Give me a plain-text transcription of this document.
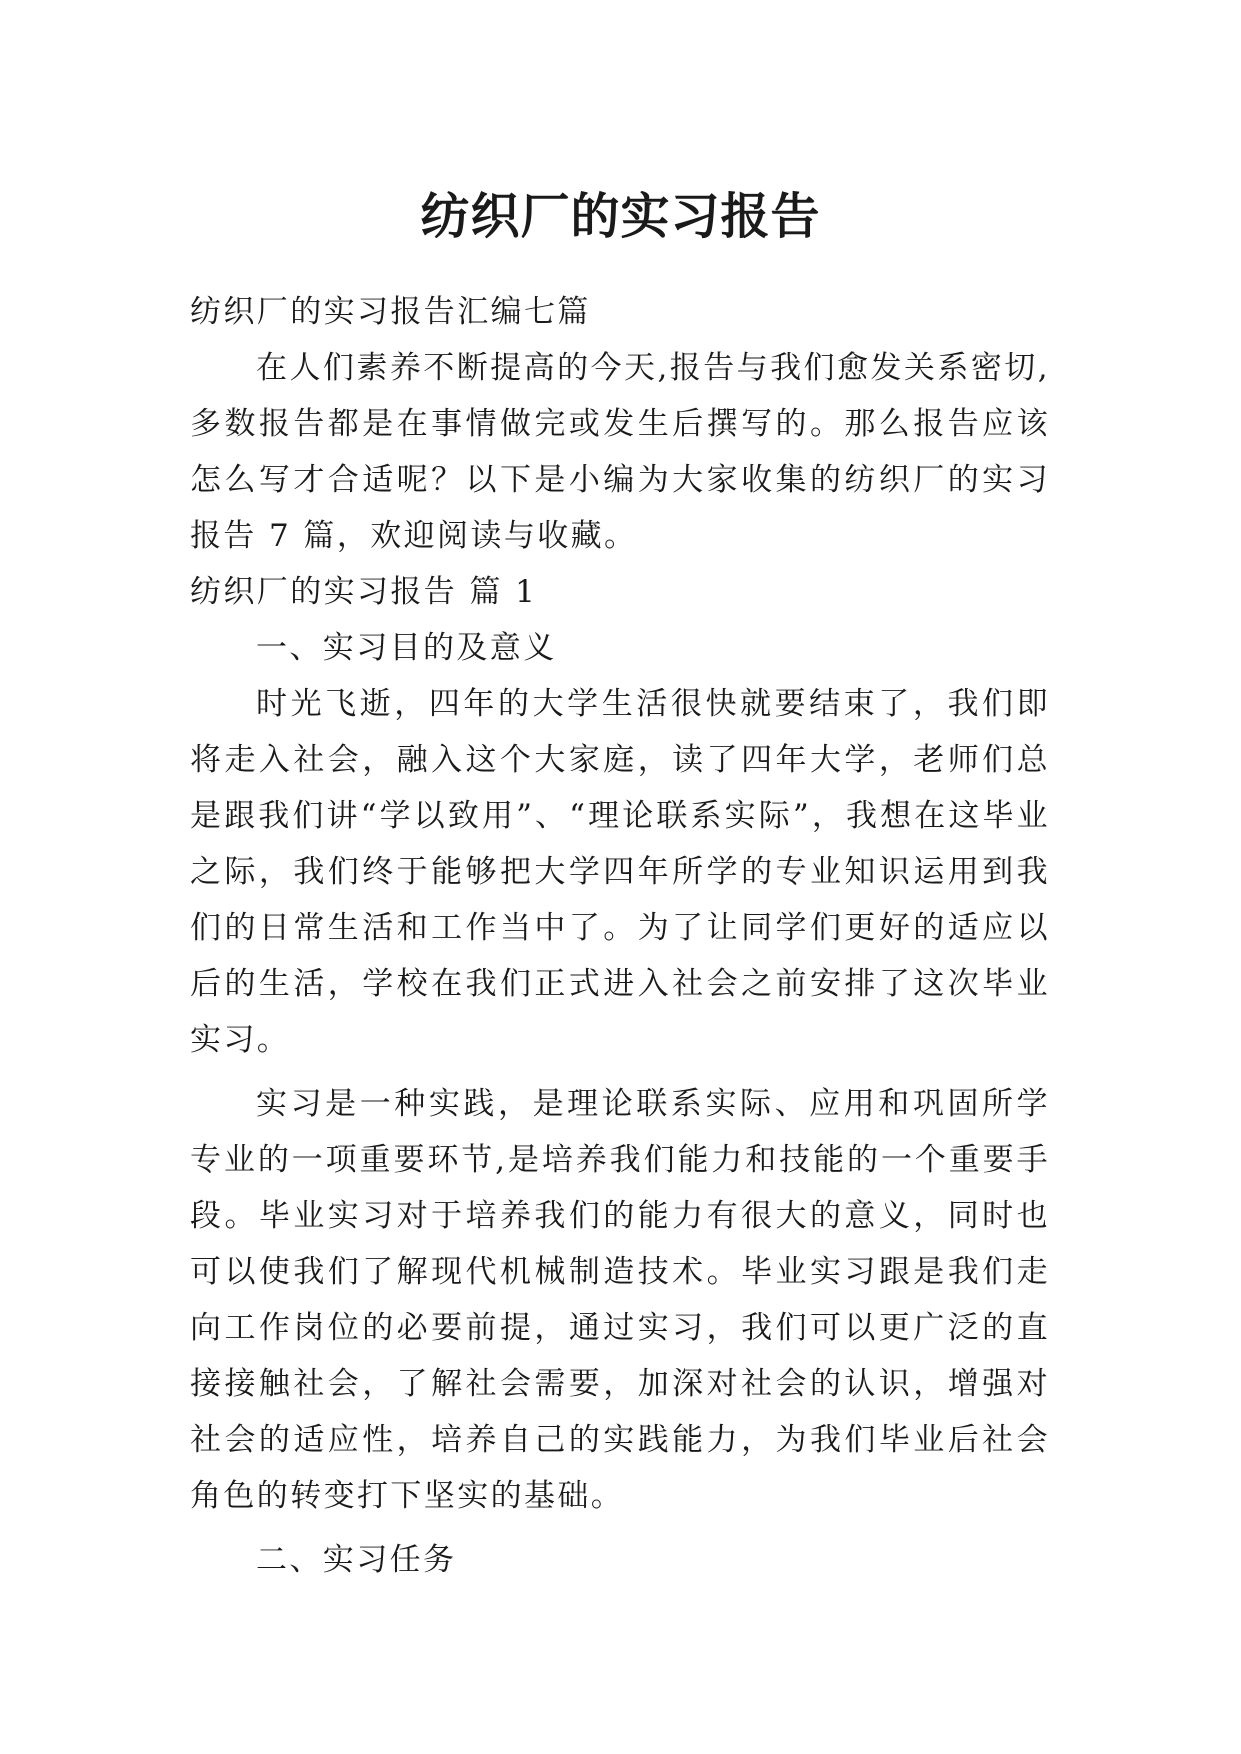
纺织厂的实习报告

纺织厂的实习报告汇编七篇

在人们素养不断提高的今天,报告与我们愈发关系密切,多数报告都是在事情做完或发生后撰写的。那么报告应该怎么写才合适呢？以下是小编为大家收集的纺织厂的实习报告 7 篇，欢迎阅读与收藏。

纺织厂的实习报告 篇 1

一、实习目的及意义

时光飞逝，四年的大学生活很快就要结束了，我们即将走入社会，融入这个大家庭，读了四年大学，老师们总是跟我们讲“学以致用”、“理论联系实际”，我想在这毕业之际，我们终于能够把大学四年所学的专业知识运用到我们的日常生活和工作当中了。为了让同学们更好的适应以后的生活，学校在我们正式进入社会之前安排了这次毕业实习。

实习是一种实践，是理论联系实际、应用和巩固所学专业的一项重要环节,是培养我们能力和技能的一个重要手段。毕业实习对于培养我们的能力有很大的意义，同时也可以使我们了解现代机械制造技术。毕业实习跟是我们走向工作岗位的必要前提，通过实习，我们可以更广泛的直接接触社会，了解社会需要，加深对社会的认识，增强对社会的适应性，培养自己的实践能力，为我们毕业后社会角色的转变打下坚实的基础。

二、实习任务
